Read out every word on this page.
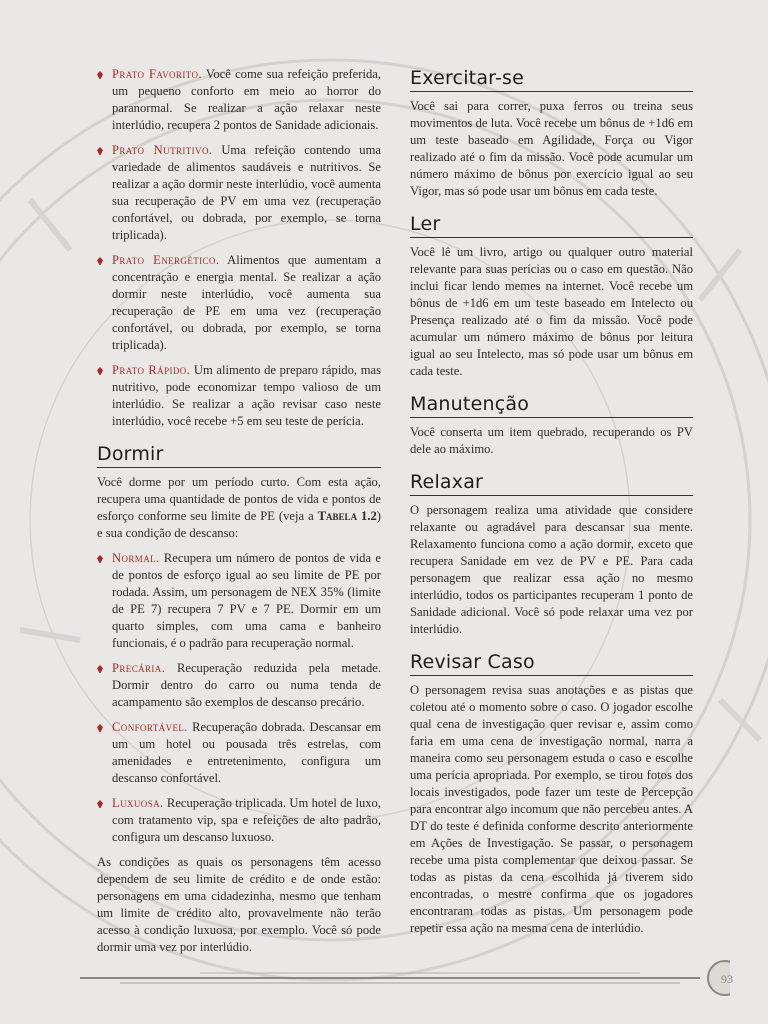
Prato Favorito. Você come sua refeição preferida, um pequeno conforto em meio ao horror do paranormal. Se realizar a ação relaxar neste interlúdio, recupera 2 pontos de Sanidade adicionais.

Prato Nutritivo. Uma refeição contendo uma variedade de alimentos saudáveis e nutritivos. Se realizar a ação dormir neste interlúdio, você aumenta sua recuperação de PV em uma vez (recuperação confortável, ou dobrada, por exemplo, se torna triplicada).

Prato Energético. Alimentos que aumentam a concentração e energia mental. Se realizar a ação dormir neste interlúdio, você aumenta sua recuperação de PE em uma vez (recuperação confortável, ou dobrada, por exemplo, se torna triplicada).

Prato Rápido. Um alimento de preparo rápido, mas nutritivo, pode economizar tempo valioso de um interlúdio. Se realizar a ação revisar caso neste interlúdio, você recebe +5 em seu teste de perícia.

Dormir

Você dorme por um período curto. Com esta ação, recupera uma quantidade de pontos de vida e pontos de esforço conforme seu limite de PE (veja a Tabela 1.2) e sua condição de descanso:

Normal. Recupera um número de pontos de vida e de pontos de esforço igual ao seu limite de PE por rodada. Assim, um personagem de NEX 35% (limite de PE 7) recupera 7 PV e 7 PE. Dormir em um quarto simples, com uma cama e banheiro funcionais, é o padrão para recuperação normal.

Precária. Recuperação reduzida pela metade. Dormir dentro do carro ou numa tenda de acampamento são exemplos de descanso precário.

Confortável. Recuperação dobrada. Descansar em um um hotel ou pousada três estrelas, com amenidades e entretenimento, configura um descanso confortável.

Luxuosa. Recuperação triplicada. Um hotel de luxo, com tratamento vip, spa e refeições de alto padrão, configura um descanso luxuoso.

As condições as quais os personagens têm acesso dependem de seu limite de crédito e de onde estão: personagens em uma cidadezinha, mesmo que tenham um limite de crédito alto, provavelmente não terão acesso à condição luxuosa, por exemplo. Você só pode dormir uma vez por interlúdio.

Exercitar-se

Você sai para correr, puxa ferros ou treina seus movimentos de luta. Você recebe um bônus de +1d6 em um teste baseado em Agilidade, Força ou Vigor realizado até o fim da missão. Você pode acumular um número máximo de bônus por exercício igual ao seu Vigor, mas só pode usar um bônus em cada teste.

Ler

Você lê um livro, artigo ou qualquer outro material relevante para suas perícias ou o caso em questão. Não inclui ficar lendo memes na internet. Você recebe um bônus de +1d6 em um teste baseado em Intelecto ou Presença realizado até o fim da missão. Você pode acumular um número máximo de bônus por leitura igual ao seu Intelecto, mas só pode usar um bônus em cada teste.

Manutenção

Você conserta um item quebrado, recuperando os PV dele ao máximo.

Relaxar

O personagem realiza uma atividade que considere relaxante ou agradável para descansar sua mente. Relaxamento funciona como a ação dormir, exceto que recupera Sanidade em vez de PV e PE. Para cada personagem que realizar essa ação no mesmo interlúdio, todos os participantes recuperam 1 ponto de Sanidade adicional. Você só pode relaxar uma vez por interlúdio.

Revisar Caso

O personagem revisa suas anotações e as pistas que coletou até o momento sobre o caso. O jogador escolhe qual cena de investigação quer revisar e, assim como faria em uma cena de investigação normal, narra a maneira como seu personagem estuda o caso e escolhe uma perícia apropriada. Por exemplo, se tirou fotos dos locais investigados, pode fazer um teste de Percepção para encontrar algo incomum que não percebeu antes. A DT do teste é definida conforme descrito anteriormente em Ações de Investigação. Se passar, o personagem recebe uma pista complementar que deixou passar. Se todas as pistas da cena escolhida já tiverem sido encontradas, o mestre confirma que os jogadores encontraram todas as pistas. Um personagem pode repetir essa ação na mesma cena de interlúdio.

93
